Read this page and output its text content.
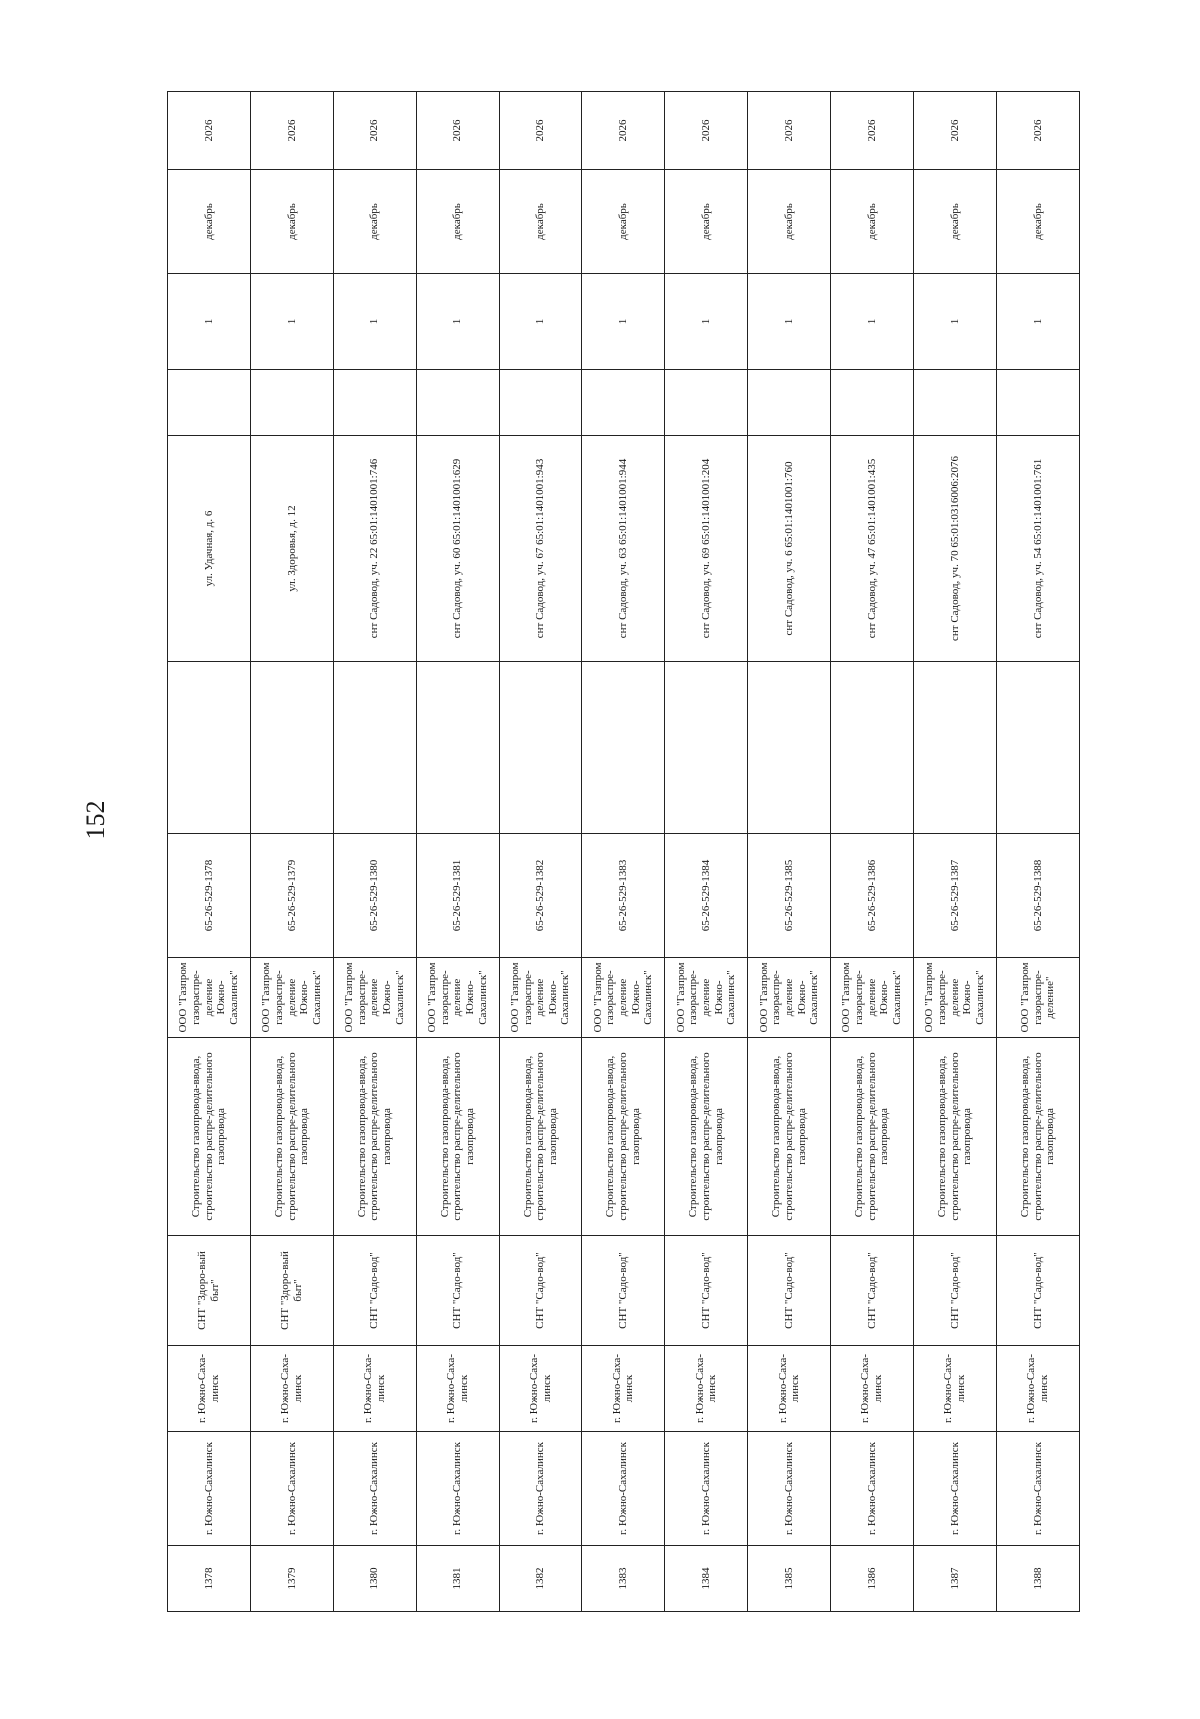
152
1378	г. Южно-Сахалинск	г. Южно-Саха-линск	СНТ "Здоро-вый быт"	Строительство газопровода-ввода, строительство распре-делительного газопровода	ООО "Газпром газораспре-деление Южно-Сахалинск"	65-26-529-1378		ул. Удачная, д. 6		1	декабрь	2026
1379	г. Южно-Сахалинск	г. Южно-Саха-линск	СНТ "Здоро-вый быт"	Строительство газопровода-ввода, строительство распре-делительного газопровода	ООО "Газпром газораспре-деление Южно-Сахалинск"	65-26-529-1379		ул. Здоровья, д. 12		1	декабрь	2026
1380	г. Южно-Сахалинск	г. Южно-Саха-линск	СНТ "Садо-вод"	Строительство газопровода-ввода, строительство распре-делительного газопровода	ООО "Газпром газораспре-деление Южно-Сахалинск"	65-26-529-1380		снт Садовод, уч. 22 65:01:1401001:746		1	декабрь	2026
1381	г. Южно-Сахалинск	г. Южно-Саха-линск	СНТ "Садо-вод"	Строительство газопровода-ввода, строительство распре-делительного газопровода	ООО "Газпром газораспре-деление Южно-Сахалинск"	65-26-529-1381		снт Садовод, уч. 60 65:01:1401001:629		1	декабрь	2026
1382	г. Южно-Сахалинск	г. Южно-Саха-линск	СНТ "Садо-вод"	Строительство газопровода-ввода, строительство распре-делительного газопровода	ООО "Газпром газораспре-деление Южно-Сахалинск"	65-26-529-1382		снт Садовод, уч. 67 65:01:1401001:943		1	декабрь	2026
1383	г. Южно-Сахалинск	г. Южно-Саха-линск	СНТ "Садо-вод"	Строительство газопровода-ввода, строительство распре-делительного газопровода	ООО "Газпром газораспре-деление Южно-Сахалинск"	65-26-529-1383		снт Садовод, уч. 63 65:01:1401001:944		1	декабрь	2026
1384	г. Южно-Сахалинск	г. Южно-Саха-линск	СНТ "Садо-вод"	Строительство газопровода-ввода, строительство распре-делительного газопровода	ООО "Газпром газораспре-деление Южно-Сахалинск"	65-26-529-1384		снт Садовод, уч. 69 65:01:1401001:204		1	декабрь	2026
1385	г. Южно-Сахалинск	г. Южно-Саха-линск	СНТ "Садо-вод"	Строительство газопровода-ввода, строительство распре-делительного газопровода	ООО "Газпром газораспре-деление Южно-Сахалинск"	65-26-529-1385		снт Садовод, уч. 6 65:01:1401001:760		1	декабрь	2026
1386	г. Южно-Сахалинск	г. Южно-Саха-линск	СНТ "Садо-вод"	Строительство газопровода-ввода, строительство распре-делительного газопровода	ООО "Газпром газораспре-деление Южно-Сахалинск"	65-26-529-1386		снт Садовод, уч. 47 65:01:1401001:435		1	декабрь	2026
1387	г. Южно-Сахалинск	г. Южно-Саха-линск	СНТ "Садо-вод"	Строительство газопровода-ввода, строительство распре-делительного газопровода	ООО "Газпром газораспре-деление Южно-Сахалинск"	65-26-529-1387		снт Садовод, уч. 70 65:01:0316006:2076		1	декабрь	2026
1388	г. Южно-Сахалинск	г. Южно-Саха-линск	СНТ "Садо-вод"	Строительство газопровода-ввода, строительство распре-делительного газопровода	ООО "Газпром газораспре-деление"	65-26-529-1388		снт Садовод, уч. 54 65:01:1401001:761		1	декабрь	2026
